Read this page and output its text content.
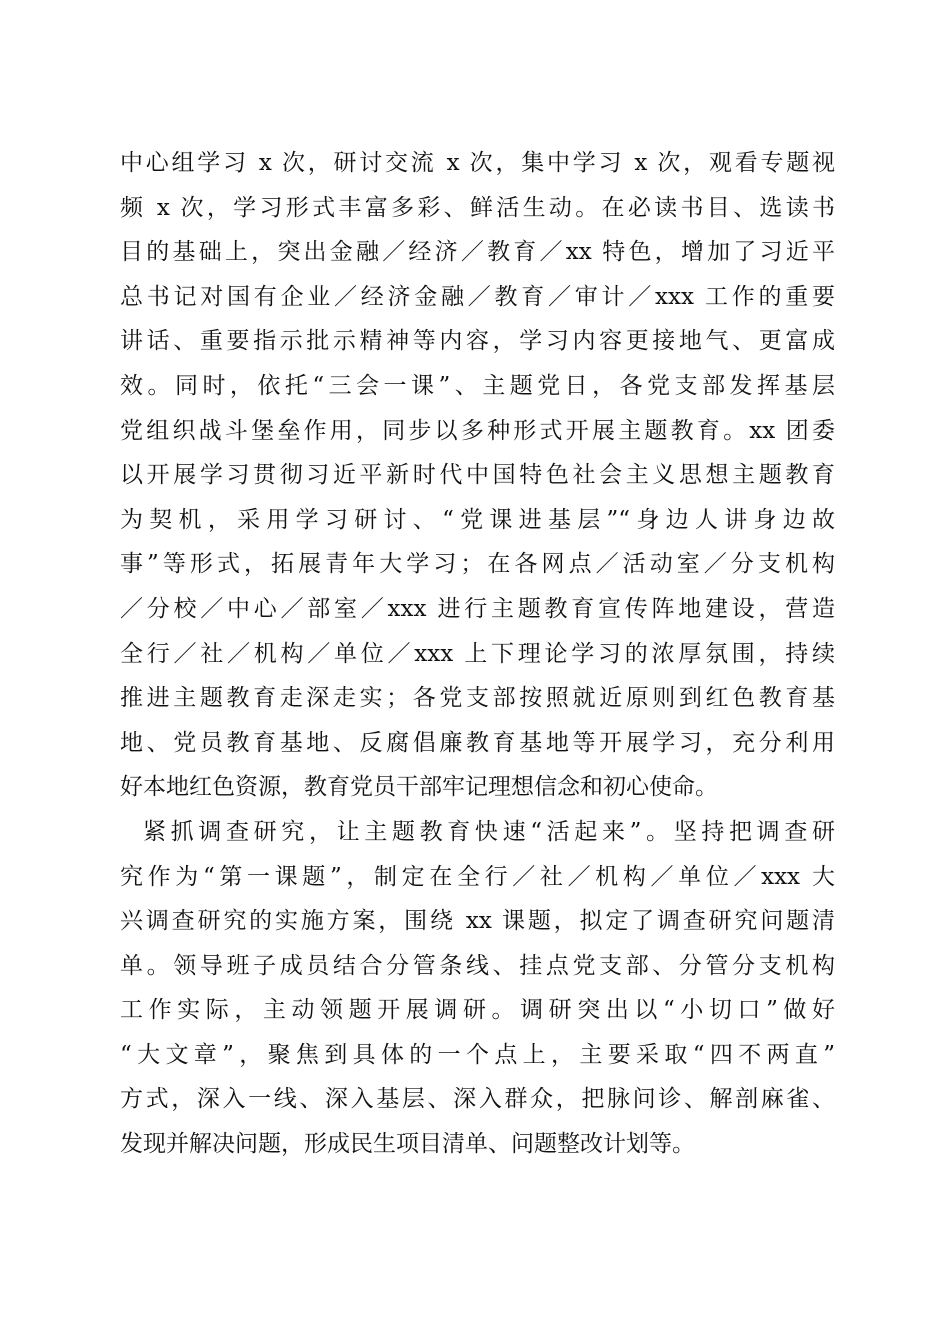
中心组学习 x 次，研讨交流 x 次，集中学习 x 次，观看专题视
频 x 次，学习形式丰富多彩、鲜活生动。在必读书目、选读书
目的基础上，突出金融／经济／教育／xx 特色，增加了习近平
总书记对国有企业／经济金融／教育／审计／xxx 工作的重要
讲话、重要指示批示精神等内容，学习内容更接地气、更富成
效。同时，依托“三会一课”、主题党日，各党支部发挥基层
党组织战斗堡垒作用，同步以多种形式开展主题教育。xx 团委
以开展学习贯彻习近平新时代中国特色社会主义思想主题教育
为契机，采用学习研讨、“党课进基层”“身边人讲身边故
事”等形式，拓展青年大学习；在各网点／活动室／分支机构
／分校／中心／部室／xxx 进行主题教育宣传阵地建设，营造
全行／社／机构／单位／xxx 上下理论学习的浓厚氛围，持续
推进主题教育走深走实；各党支部按照就近原则到红色教育基
地、党员教育基地、反腐倡廉教育基地等开展学习，充分利用
好本地红色资源，教育党员干部牢记理想信念和初心使命。
紧抓调查研究，让主题教育快速“活起来”。坚持把调查研
究作为“第一课题”，制定在全行／社／机构／单位／xxx 大
兴调查研究的实施方案，围绕 xx 课题，拟定了调查研究问题清
单。领导班子成员结合分管条线、挂点党支部、分管分支机构
工作实际，主动领题开展调研。调研突出以“小切口”做好
“大文章”，聚焦到具体的一个点上，主要采取“四不两直”
方式，深入一线、深入基层、深入群众，把脉问诊、解剖麻雀、
发现并解决问题，形成民生项目清单、问题整改计划等。
